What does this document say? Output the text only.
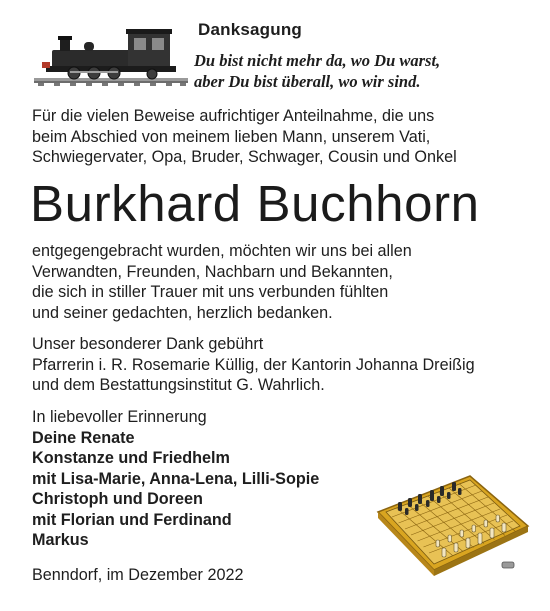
Danksagung
Du bist nicht mehr da, wo Du warst,
aber Du bist überall, wo wir sind.
Für die vielen Beweise aufrichtiger Anteilnahme, die uns
beim Abschied von meinem lieben Mann, unserem Vati,
Schwiegervater, Opa, Bruder, Schwager, Cousin und Onkel
Burkhard Buchhorn
entgegengebracht wurden, möchten wir uns bei allen
Verwandten, Freunden, Nachbarn und Bekannten,
die sich in stiller Trauer mit uns verbunden fühlten
und seiner gedachten, herzlich bedanken.
Unser besonderer Dank gebührt
Pfarrerin i. R. Rosemarie Küllig, der Kantorin Johanna Dreißig
und dem Bestattungsinstitut G. Wahrlich.
In liebevoller Erinnerung
Deine Renate
Konstanze und Friedhelm
mit Lisa-Marie, Anna-Lena, Lilli-Sopie
Christoph und Doreen
mit Florian und Ferdinand
Markus
Benndorf, im Dezember 2022
